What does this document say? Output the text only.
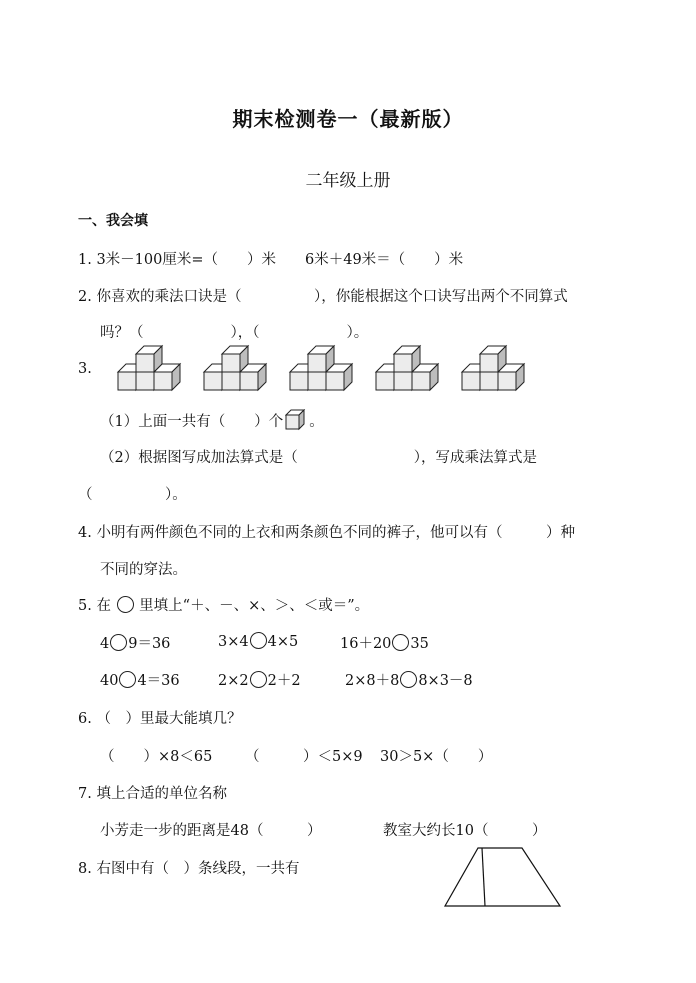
期末检测卷一（最新版）
二年级上册
一、我会填
1. 3米－100厘米=（　　）米　　6米＋49米＝（　　）米
2. 你喜欢的乘法口诀是（　　　　　），你能根据这个口诀写出两个不同算式
吗？（　　　　　　），（　　　　　　）。
3.
（1）上面一共有（　　）个 。
（2）根据图写成加法算式是（　　　　　　　　），写成乘法算式是
（　　　　　）。
4. 小明有两件颜色不同的上衣和两条颜色不同的裤子，他可以有（　　　）种
不同的穿法。
5. 在 里填上“＋、－、×、＞、＜或＝”。
4 9＝36	3×4 4×5	16＋20 35
40 4＝36	2×2 2＋2	2×8＋8 8×3－8
6. （　）里最大能填几？
（　　）×8＜65 （　　　）＜5×9 30＞5×（　　）
7. 填上合适的单位名称
小芳走一步的距离是48（　　　）	教室大约长10（　　　）
8. 右图中有（　）条线段，一共有
